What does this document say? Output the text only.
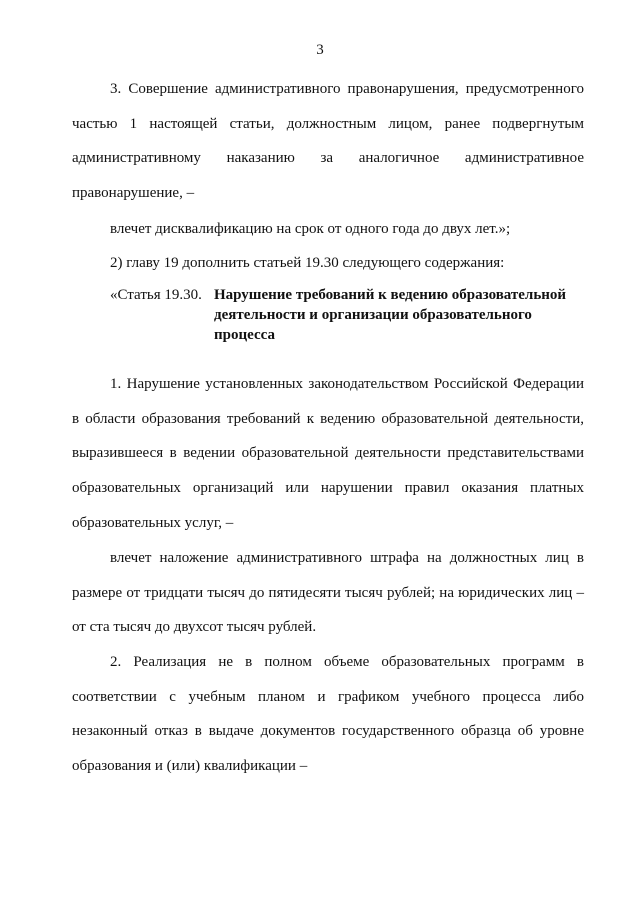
3
3. Совершение административного правонарушения, предусмотренного частью 1 настоящей статьи, должностным лицом, ранее подвергнутым административному наказанию за аналогичное административное правонарушение, –
влечет дисквалификацию на срок от одного года до двух лет.»;
2) главу 19 дополнить статьей 19.30 следующего содержания:
«Статья 19.30. Нарушение требований к ведению образовательной деятельности и организации образовательного процесса
1. Нарушение установленных законодательством Российской Федерации в области образования требований к ведению образовательной деятельности, выразившееся в ведении образовательной деятельности представительствами образовательных организаций или нарушении правил оказания платных образовательных услуг, –
влечет наложение административного штрафа на должностных лиц в размере от тридцати тысяч до пятидесяти тысяч рублей; на юридических лиц – от ста тысяч до двухсот тысяч рублей.
2. Реализация не в полном объеме образовательных программ в соответствии с учебным планом и графиком учебного процесса либо незаконный отказ в выдаче документов государственного образца об уровне образования и (или) квалификации –
